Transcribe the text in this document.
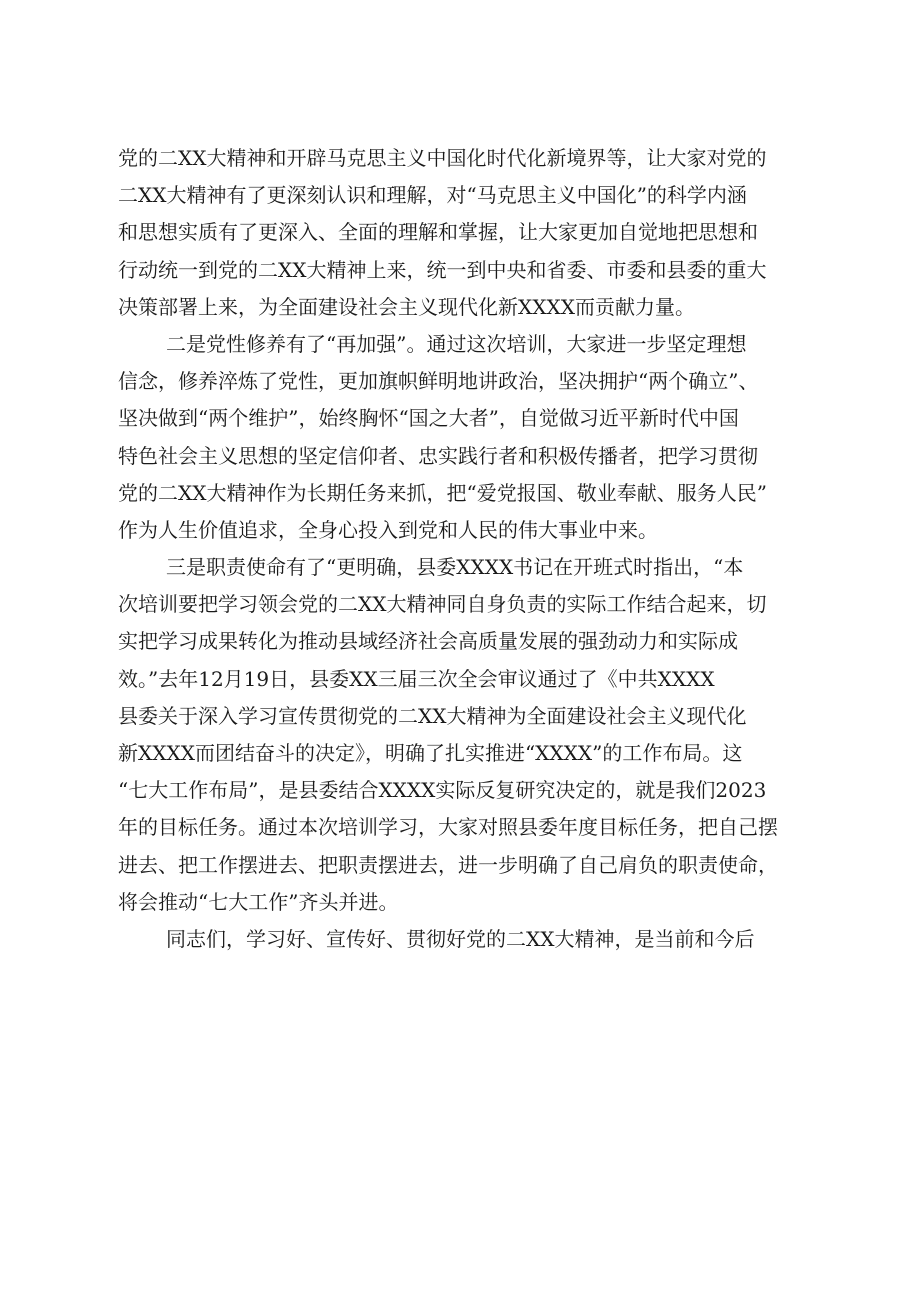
党的二XX大精神和开辟马克思主义中国化时代化新境界等，让大家对党的
二XX大精神有了更深刻认识和理解，对“马克思主义中国化”的科学内涵
和思想实质有了更深入、全面的理解和掌握，让大家更加自觉地把思想和
行动统一到党的二XX大精神上来，统一到中央和省委、市委和县委的重大
决策部署上来，为全面建设社会主义现代化新XXXX而贡献力量。
二是党性修养有了“再加强”。通过这次培训，大家进一步坚定理想
信念，修养淬炼了党性，更加旗帜鲜明地讲政治，坚决拥护“两个确立”、
坚决做到“两个维护”，始终胸怀“国之大者”，自觉做习近平新时代中国
特色社会主义思想的坚定信仰者、忠实践行者和积极传播者，把学习贯彻
党的二XX大精神作为长期任务来抓，把“爱党报国、敬业奉献、服务人民”
作为人生价值追求，全身心投入到党和人民的伟大事业中来。
三是职责使命有了“更明确，县委XXXX书记在开班式时指出，“本
次培训要把学习领会党的二XX大精神同自身负责的实际工作结合起来，切
实把学习成果转化为推动县域经济社会高质量发展的强劲动力和实际成
效。”去年12月19日，县委XX三届三次全会审议通过了《中共XXXX
县委关于深入学习宣传贯彻党的二XX大精神为全面建设社会主义现代化
新XXXX而团结奋斗的决定》，明确了扎实推进“XXXX”的工作布局。这
“七大工作布局”，是县委结合XXXX实际反复研究决定的，就是我们2023
年的目标任务。通过本次培训学习，大家对照县委年度目标任务，把自己摆
进去、把工作摆进去、把职责摆进去，进一步明确了自己肩负的职责使命，
将会推动“七大工作”齐头并进。
同志们，学习好、宣传好、贯彻好党的二XX大精神，是当前和今后
